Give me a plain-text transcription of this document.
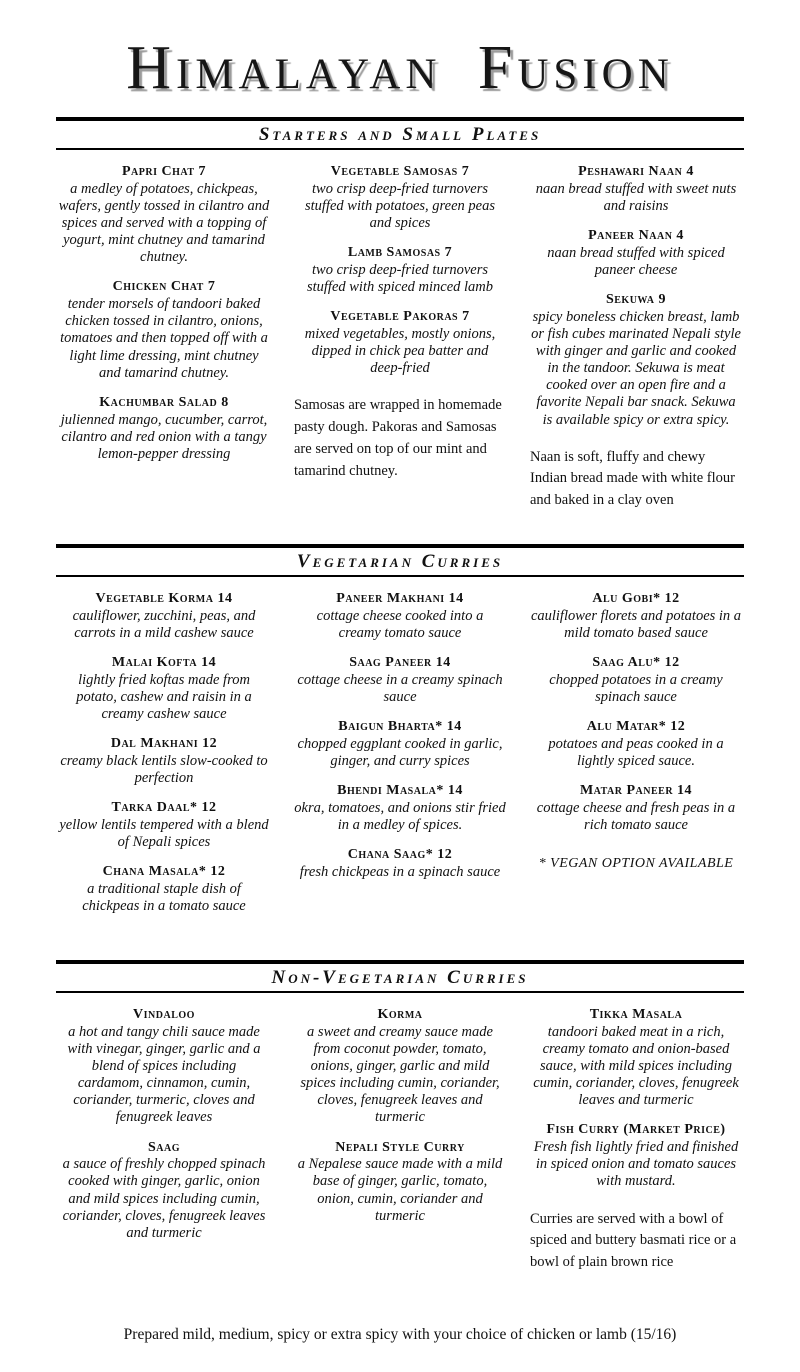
Himalayan Fusion
Starters and Small Plates
Papri Chat 7

a medley of potatoes, chickpeas, wafers, gently tossed in cilantro and spices and served with a topping of yogurt, mint chutney and tamarind chutney.

Chicken Chat 7

tender morsels of tandoori baked chicken tossed in cilantro, onions, tomatoes and then topped off with a light lime dressing, mint chutney and tamarind chutney.

Kachumbar Salad 8

julienned mango, cucumber, carrot, cilantro and red onion with a tangy lemon-pepper dressing

Vegetable Samosas 7

two crisp deep-fried turnovers stuffed with potatoes, green peas and spices

Lamb Samosas 7

two crisp deep-fried turnovers stuffed with spiced minced lamb

Vegetable Pakoras 7

mixed vegetables, mostly onions, dipped in chick pea batter and deep-fried

Samosas are wrapped in homemade pasty dough. Pakoras and Samosas are served on top of our mint and tamarind chutney.

Peshawari Naan 4

naan bread stuffed with sweet nuts and raisins

Paneer Naan 4

naan bread stuffed with spiced paneer cheese

Sekuwa 9

spicy boneless chicken breast, lamb or fish cubes marinated Nepali style with ginger and garlic and cooked in the tandoor. Sekuwa is meat cooked over an open fire and a favorite Nepali bar snack. Sekuwa is available spicy or extra spicy.

Naan is soft, fluffy and chewy Indian bread made with white flour and baked in a clay oven

Vegetarian Curries
Vegetable Korma 14

cauliflower, zucchini, peas, and carrots in a mild cashew sauce

Malai Kofta 14

lightly fried koftas made from potato, cashew and raisin in a creamy cashew sauce

Dal Makhani 12

creamy black lentils slow-cooked to perfection

Tarka Daal* 12

yellow lentils tempered with a blend of Nepali spices

Chana Masala* 12

a traditional staple dish of chickpeas in a tomato sauce

Paneer Makhani 14

cottage cheese cooked into a creamy tomato sauce

Saag Paneer 14

cottage cheese in a creamy spinach sauce

Baigun Bharta* 14

chopped eggplant cooked in garlic, ginger, and curry spices

Bhendi Masala* 14

okra, tomatoes, and onions stir fried in a medley of spices.

Chana Saag* 12

fresh chickpeas in a spinach sauce

Alu Gobi* 12

cauliflower florets and potatoes in a mild tomato based sauce

Saag Alu* 12

chopped potatoes in a creamy spinach sauce

Alu Matar* 12

potatoes and peas cooked in a lightly spiced sauce.

Matar Paneer 14

cottage cheese and fresh peas in a rich tomato sauce

* VEGAN OPTION AVAILABLE

Non-Vegetarian Curries
Vindaloo

a hot and tangy chili sauce made with vinegar, ginger, garlic and a blend of spices including cardamom, cinnamon, cumin, coriander, turmeric, cloves and fenugreek leaves

Saag

a sauce of freshly chopped spinach cooked with ginger, garlic, onion and mild spices including cumin, coriander, cloves, fenugreek leaves and turmeric

Korma

a sweet and creamy sauce made from coconut powder, tomato, onions, ginger, garlic and mild spices including cumin, coriander, cloves, fenugreek leaves and turmeric

Nepali Style Curry

a Nepalese sauce made with a mild base of ginger, garlic, tomato, onion, cumin, coriander and turmeric

Tikka Masala

tandoori baked meat in a rich, creamy tomato and onion-based sauce, with mild spices including cumin, coriander, cloves, fenugreek leaves and turmeric

Fish Curry (Market Price)

Fresh fish lightly fried and finished in spiced onion and tomato sauces with mustard.

Curries are served with a bowl of spiced and buttery basmati rice or a bowl of plain brown rice

Prepared mild, medium, spicy or extra spicy with your choice of chicken or lamb (15/16)
